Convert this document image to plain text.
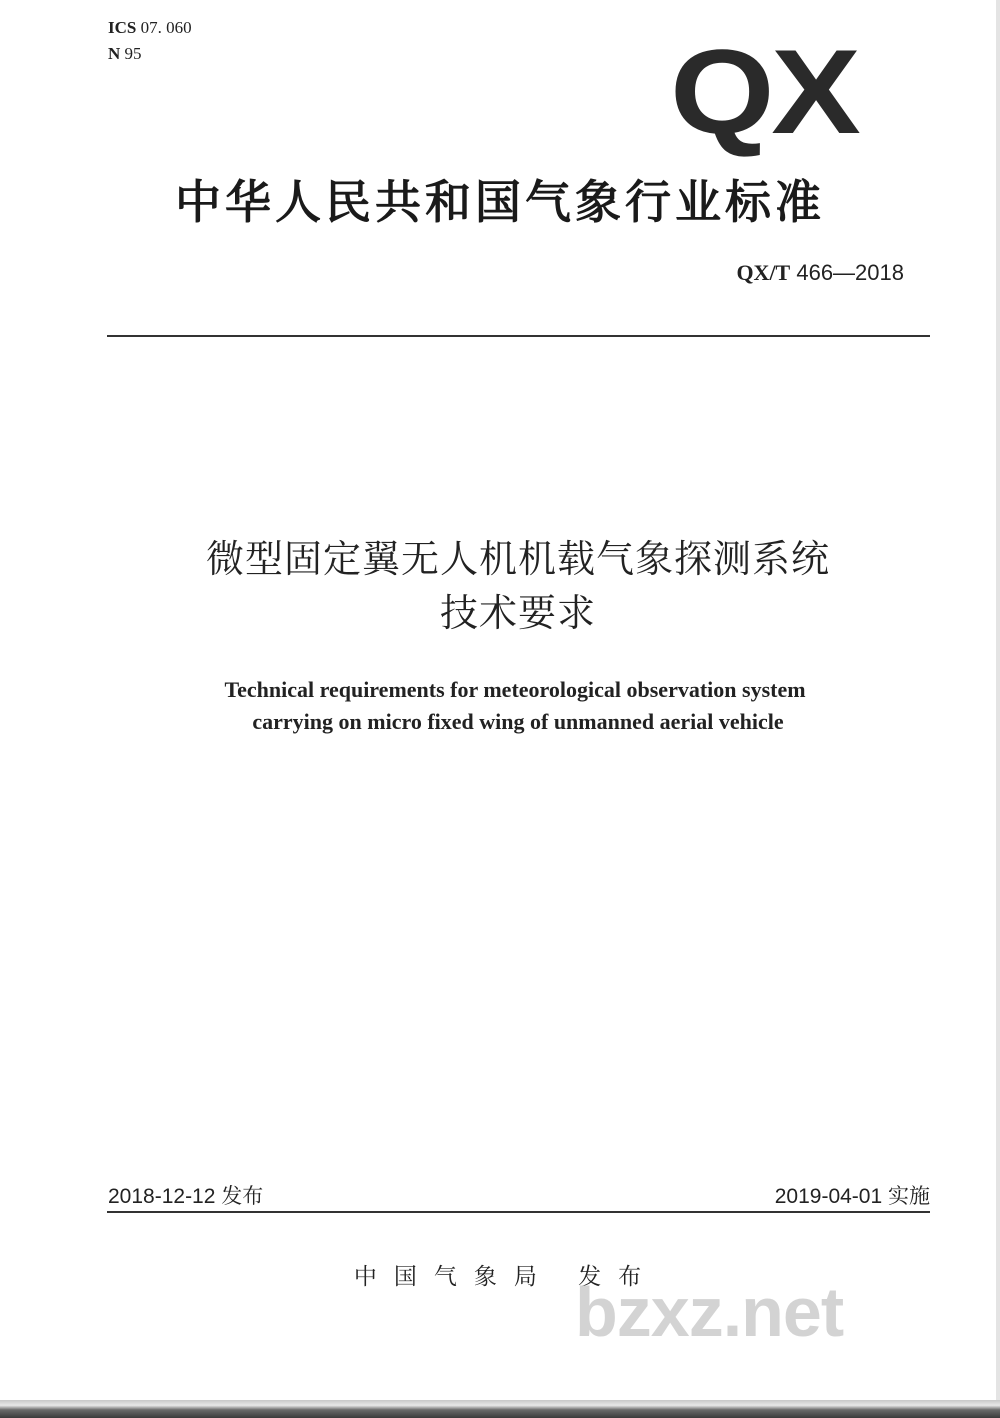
ICS 07. 060
N 95	QX
中华人民共和国气象行业标准
QX/T 466—2018
微型固定翼无人机机载气象探测系统
技术要求
Technical requirements for meteorological observation system
carrying on micro fixed wing of unmanned aerial vehicle
2018-12-12 发布	2019-04-01 实施
中国气象局 发布
bzxz.net
